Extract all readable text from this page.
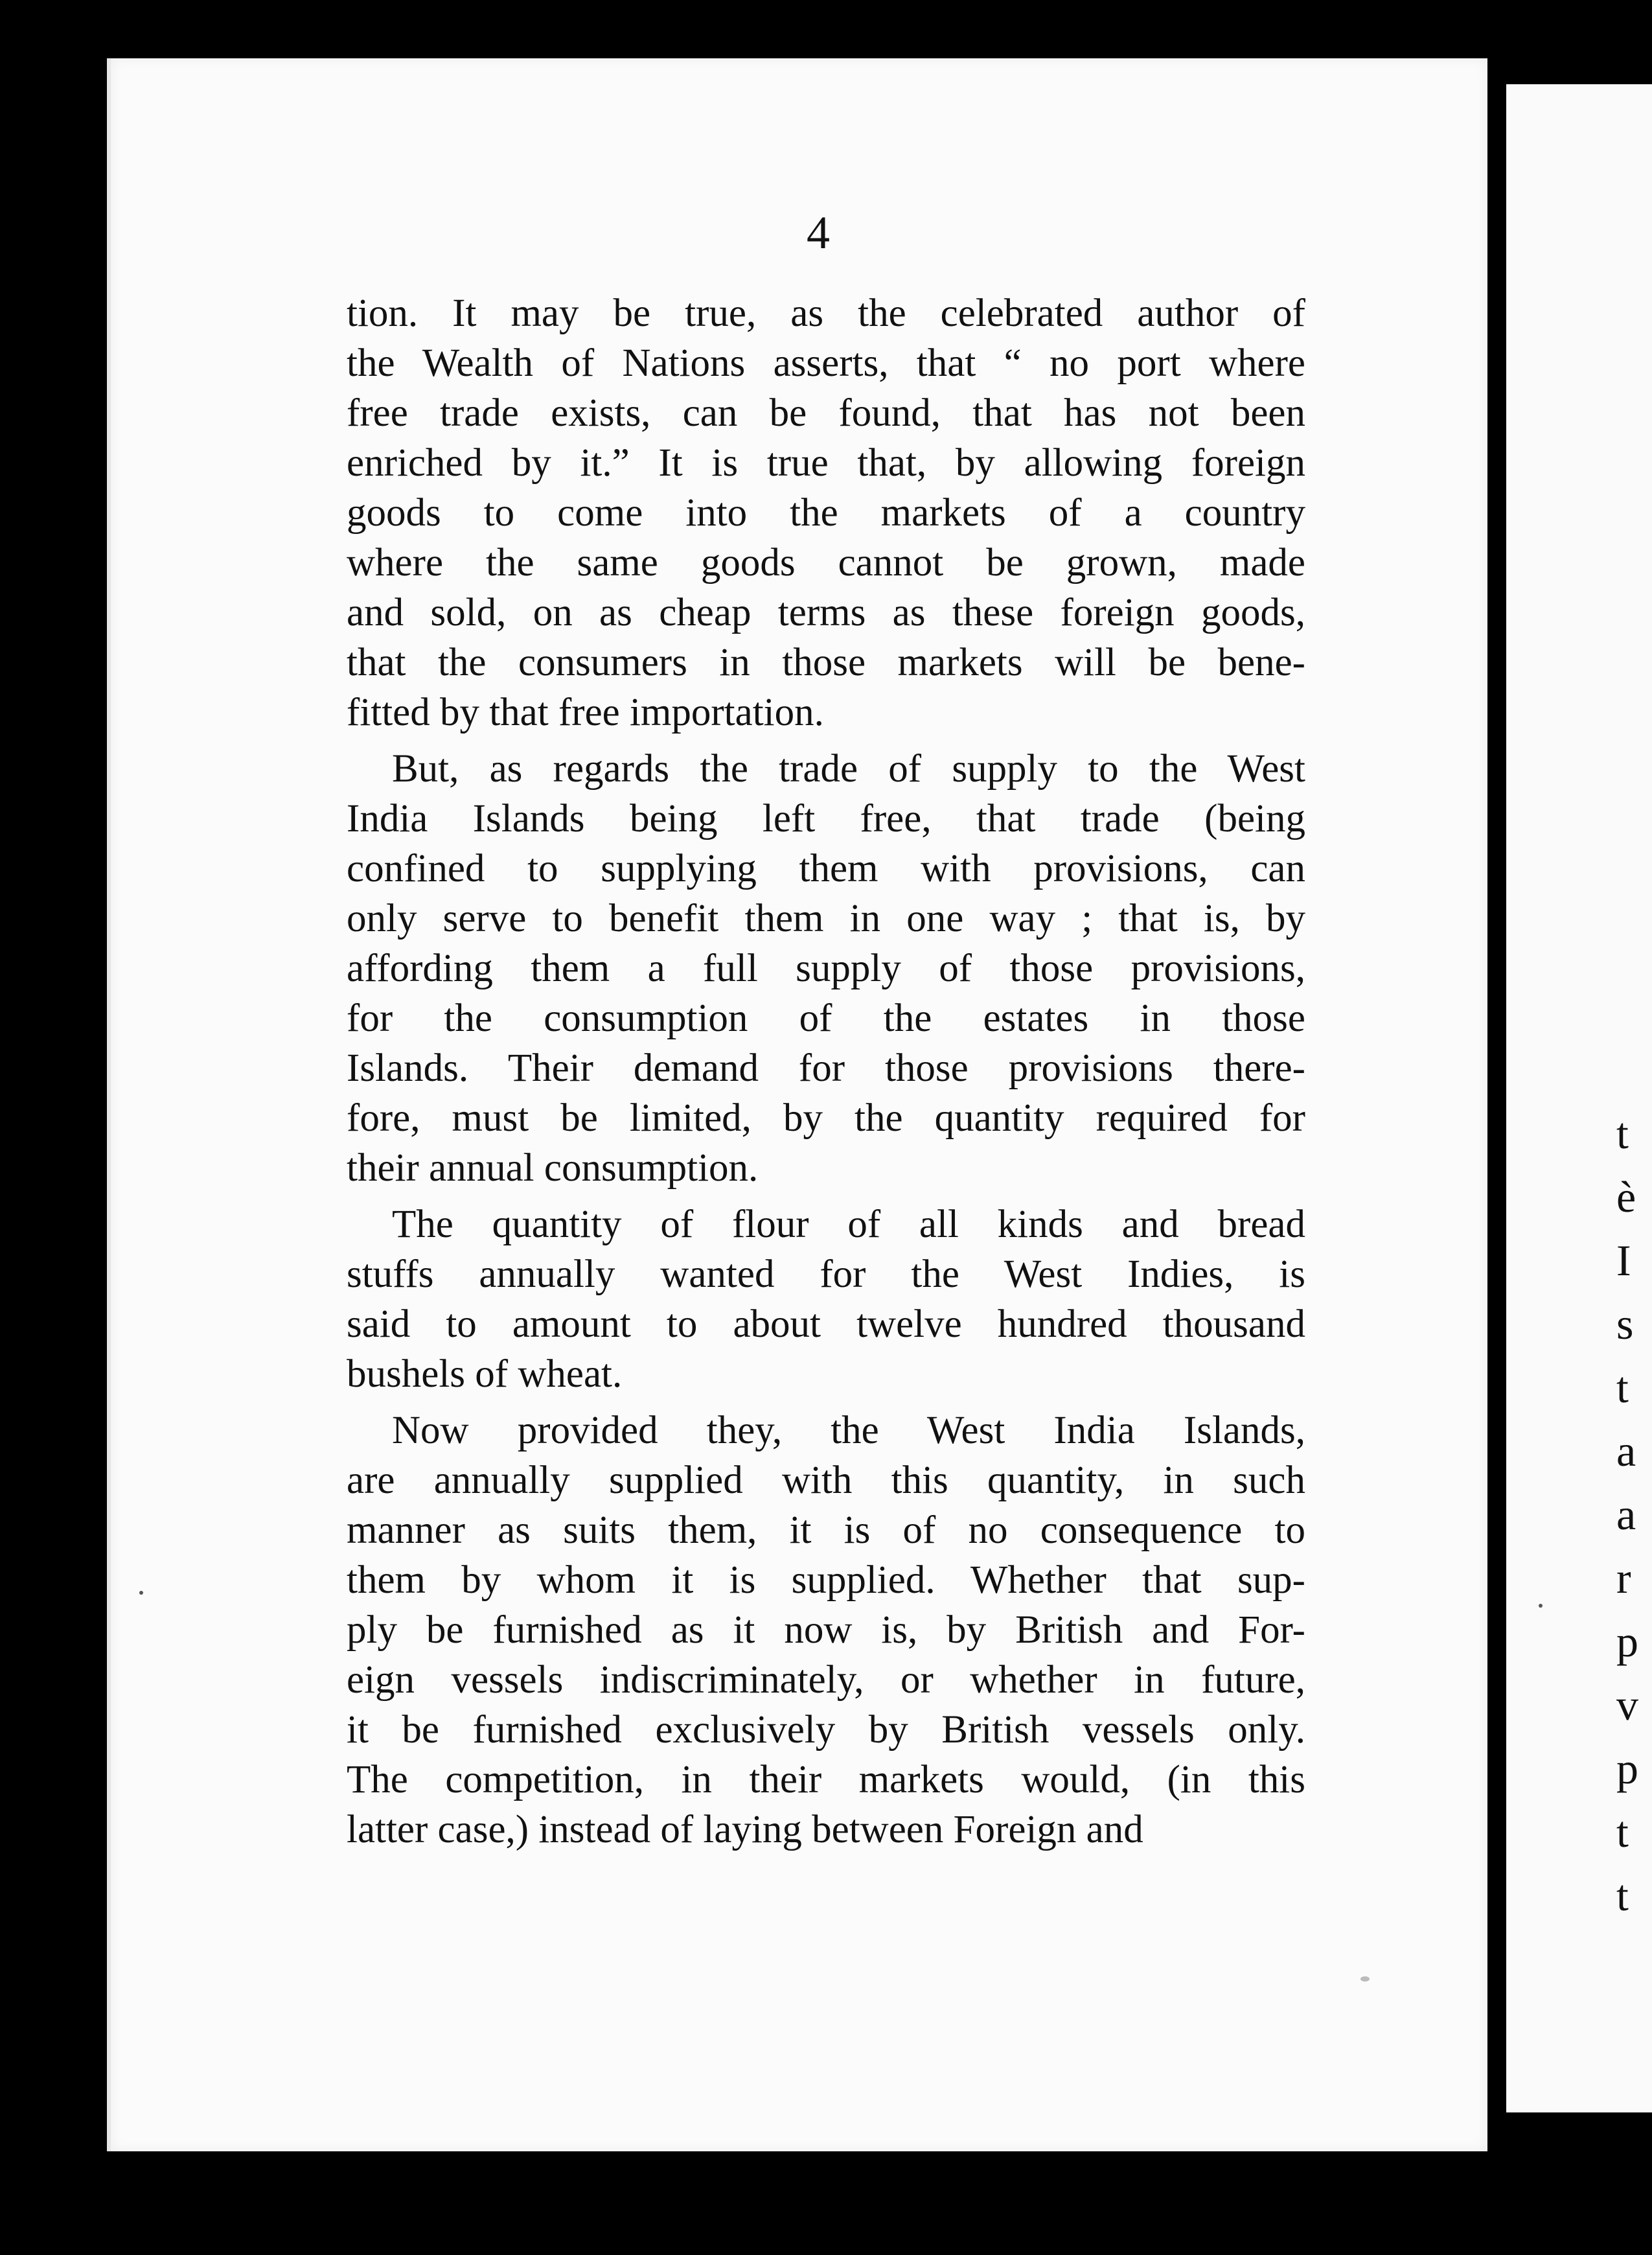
t
è
I
s
t
a
a
r
p
v
p
t
t
4

tion. It may be true, as the celebrated author of
the Wealth of Nations asserts, that “ no port where
free trade exists, can be found, that has not been
enriched by it.” It is true that, by allowing foreign
goods to come into the markets of a country
where the same goods cannot be grown, made
and sold, on as cheap terms as these foreign goods,
that the consumers in those markets will be bene-
fitted by that free importation.

But, as regards the trade of supply to the West
India Islands being left free, that trade (being
confined to supplying them with provisions, can
only serve to benefit them in one way ; that is, by
affording them a full supply of those provisions,
for the consumption of the estates in those
Islands. Their demand for those provisions there-
fore, must be limited, by the quantity required for
their annual consumption.

The quantity of flour of all kinds and bread
stuffs annually wanted for the West Indies, is
said to amount to about twelve hundred thousand
bushels of wheat.

Now provided they, the West India Islands,
are annually supplied with this quantity, in such
manner as suits them, it is of no consequence to
them by whom it is supplied. Whether that sup-
ply be furnished as it now is, by British and For-
eign vessels indiscriminately, or whether in future,
it be furnished exclusively by British vessels only.
The competition, in their markets would, (in this
latter case,) instead of laying between Foreign and
